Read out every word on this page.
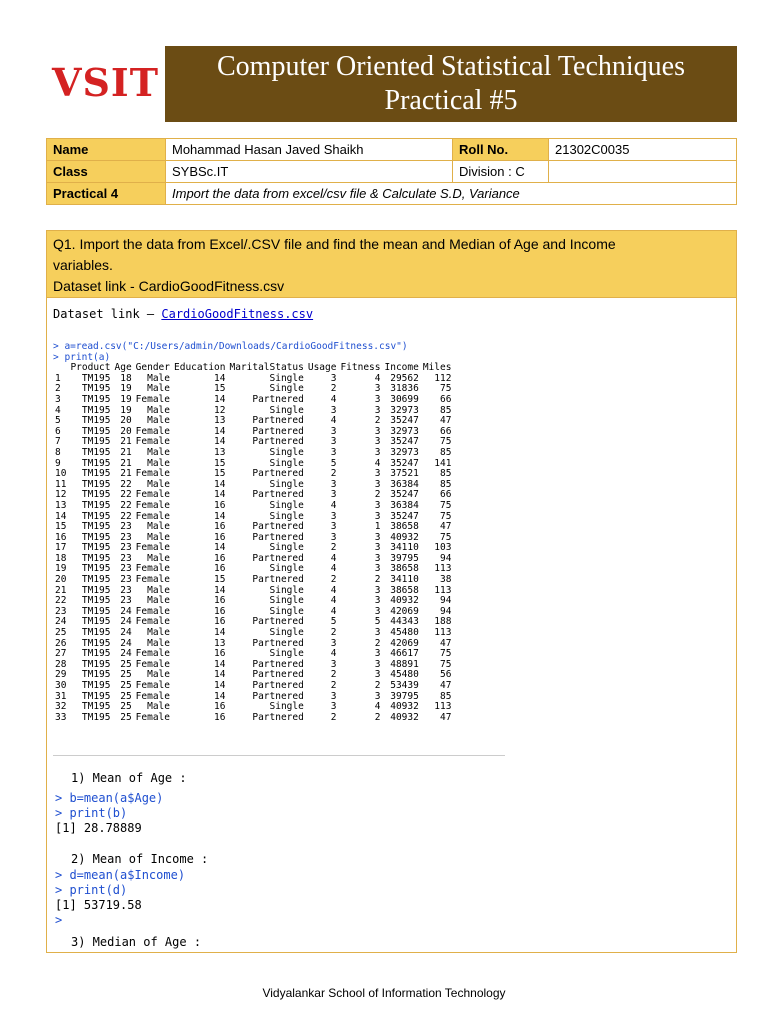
VSIT	Computer Oriented Statistical Techniques
Practical #5
Name	Mohammad Hasan Javed Shaikh	Roll No.	21302C0035
Class	SYBSc.IT	Division : C	
Practical 4	Import the data from excel/csv file & Calculate S.D, Variance		
Q1. Import the data from Excel/.CSV file and find the mean and Median of Age and Income
variables.
Dataset link - CardioGoodFitness.csv
Dataset link – CardioGoodFitness.csv
> a=read.csv("C:/Users/admin/Downloads/CardioGoodFitness.csv")
> print(a)
	Product	Age	Gender	Education	MaritalStatus	Usage	Fitness	Income	Miles
1	TM195	18	Male	14	Single	3	4	29562	112
2	TM195	19	Male	15	Single	2	3	31836	75
3	TM195	19	Female	14	Partnered	4	3	30699	66
4	TM195	19	Male	12	Single	3	3	32973	85
5	TM195	20	Male	13	Partnered	4	2	35247	47
6	TM195	20	Female	14	Partnered	3	3	32973	66
7	TM195	21	Female	14	Partnered	3	3	35247	75
8	TM195	21	Male	13	Single	3	3	32973	85
9	TM195	21	Male	15	Single	5	4	35247	141
10	TM195	21	Female	15	Partnered	2	3	37521	85
11	TM195	22	Male	14	Single	3	3	36384	85
12	TM195	22	Female	14	Partnered	3	2	35247	66
13	TM195	22	Female	16	Single	4	3	36384	75
14	TM195	22	Female	14	Single	3	3	35247	75
15	TM195	23	Male	16	Partnered	3	1	38658	47
16	TM195	23	Male	16	Partnered	3	3	40932	75
17	TM195	23	Female	14	Single	2	3	34110	103
18	TM195	23	Male	16	Partnered	4	3	39795	94
19	TM195	23	Female	16	Single	4	3	38658	113
20	TM195	23	Female	15	Partnered	2	2	34110	38
21	TM195	23	Male	14	Single	4	3	38658	113
22	TM195	23	Male	16	Single	4	3	40932	94
23	TM195	24	Female	16	Single	4	3	42069	94
24	TM195	24	Female	16	Partnered	5	5	44343	188
25	TM195	24	Male	14	Single	2	3	45480	113
26	TM195	24	Male	13	Partnered	3	2	42069	47
27	TM195	24	Female	16	Single	4	3	46617	75
28	TM195	25	Female	14	Partnered	3	3	48891	75
29	TM195	25	Male	14	Partnered	2	3	45480	56
30	TM195	25	Female	14	Partnered	2	2	53439	47
31	TM195	25	Female	14	Partnered	3	3	39795	85
32	TM195	25	Male	16	Single	3	4	40932	113
33	TM195	25	Female	16	Partnered	2	2	40932	47
1) Mean of Age :
> b=mean(a$Age)
> print(b)
[1] 28.78889
2) Mean of Income :
> d=mean(a$Income)
> print(d)
[1] 53719.58
>
3) Median of Age :
Vidyalankar School of Information Technology
